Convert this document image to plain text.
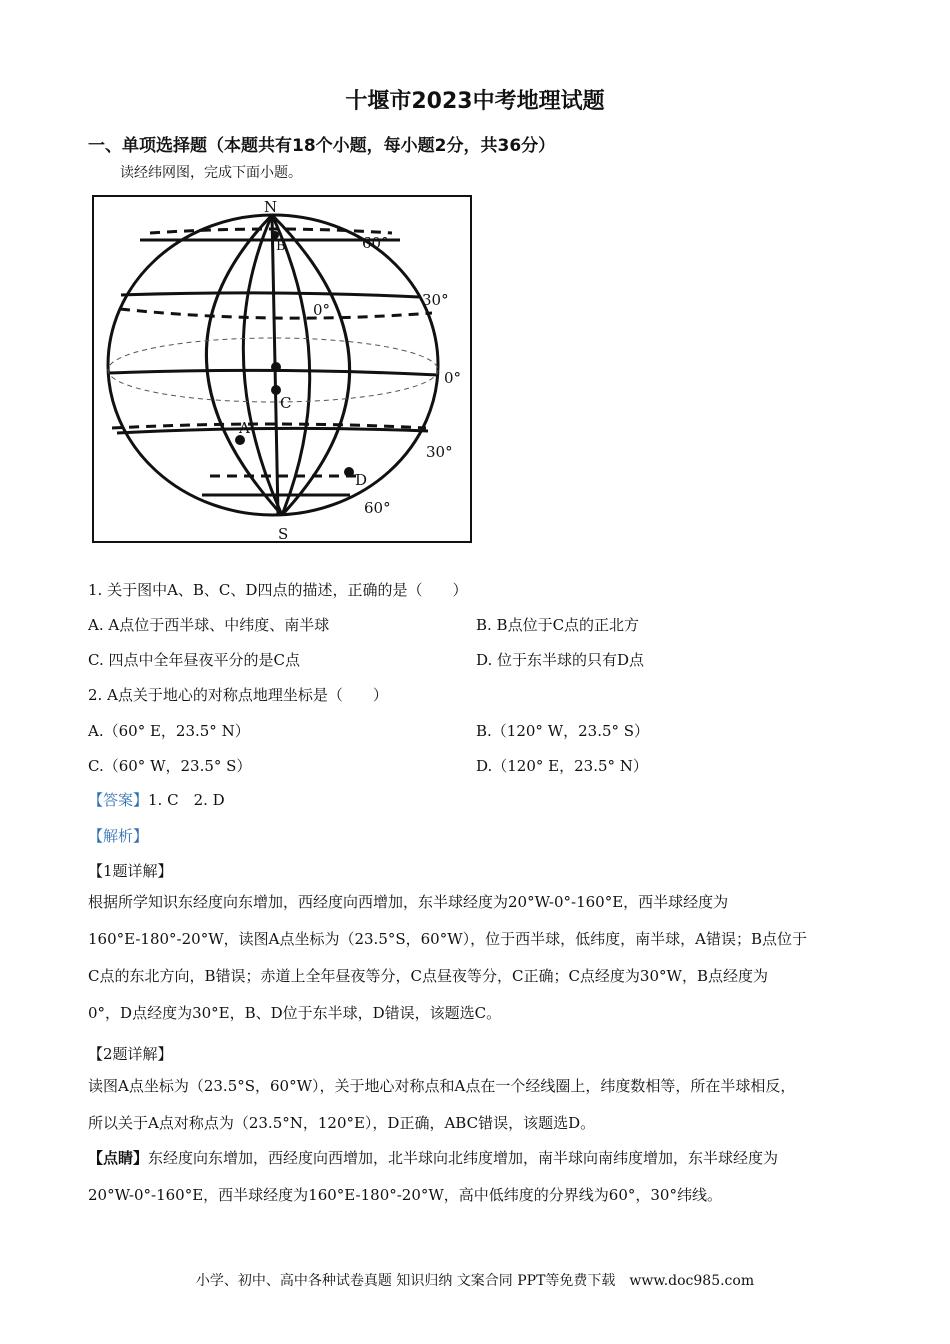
十堰市2023中考地理试题
一、单项选择题（本题共有18个小题，每小题2分，共36分）
读经纬网图，完成下面小题。
N
S
B	60°
30°
0°
0°
C
A
30°
D
60°
1. 关于图中A、B、C、D四点的描述，正确的是（　　）
A. A点位于西半球、中纬度、南半球	B. B点位于C点的正北方
C. 四点中全年昼夜平分的是C点	D. 位于东半球的只有D点
2. A点关于地心的对称点地理坐标是（　　）
A.（60° E，23.5° N）	B.（120° W，23.5° S）
C.（60° W，23.5° S）	D.（120° E，23.5° N）
【答案】1. C　2. D
【解析】
【1题详解】
根据所学知识东经度向东增加，西经度向西增加，东半球经度为20°W-0°-160°E，西半球经度为
160°E-180°-20°W，读图A点坐标为（23.5°S，60°W），位于西半球，低纬度，南半球，A错误；B点位于
C点的东北方向，B错误；赤道上全年昼夜等分，C点昼夜等分，C正确；C点经度为30°W，B点经度为
0°，D点经度为30°E，B、D位于东半球，D错误，该题选C。
【2题详解】
读图A点坐标为（23.5°S，60°W），关于地心对称点和A点在一个经线圈上，纬度数相等，所在半球相反，
所以关于A点对称点为（23.5°N，120°E），D正确，ABC错误，该题选D。
【点睛】东经度向东增加，西经度向西增加，北半球向北纬度增加，南半球向南纬度增加，东半球经度为
20°W-0°-160°E，西半球经度为160°E-180°-20°W，高中低纬度的分界线为60°，30°纬线。
小学、初中、高中各种试卷真题 知识归纳 文案合同 PPT等免费下载　www.doc985.com
